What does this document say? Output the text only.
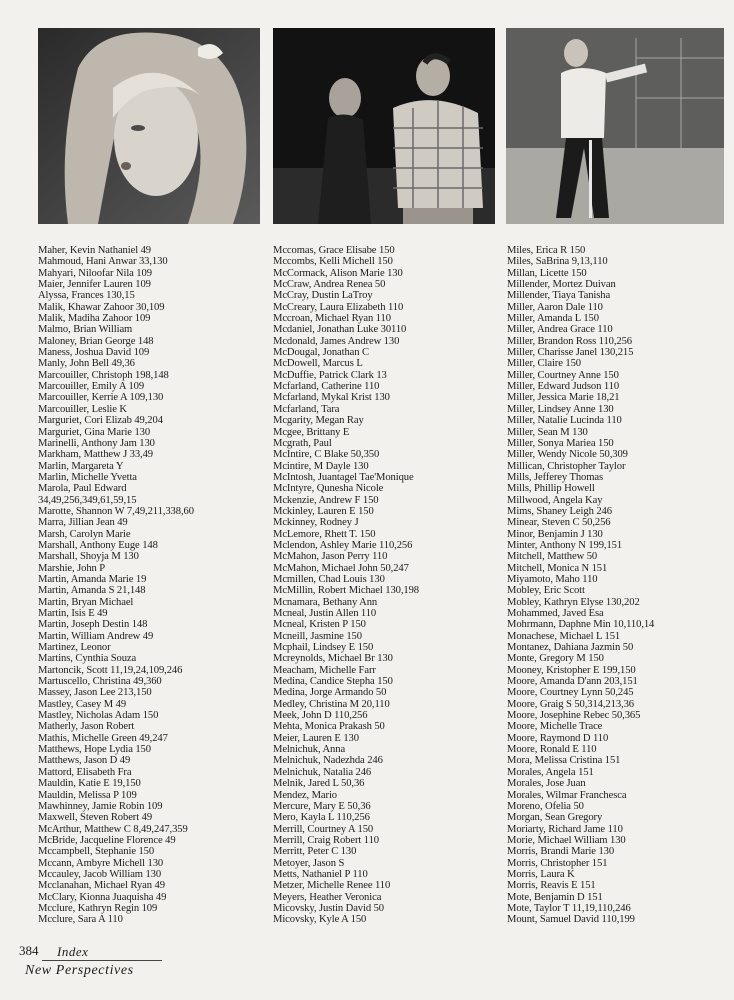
Maher, Kevin Nathaniel 49
Mahmoud, Hani Anwar 33,130
Mahyari, Niloofar Nila 109
Maier, Jennifer Lauren 109
Alyssa, Frances 130,15
Malik, Khawar Zahoor 30,109
Malik, Madiha Zahoor 109
Malmo, Brian William
Maloney, Brian George 148
Maness, Joshua David 109
Manly, John Bell 49,36
Marcouiller, Christoph 198,148
Marcouiller, Emily A 109
Marcouiller, Kerrie A 109,130
Marcouiller, Leslie K
Marguriet, Cori Elizab 49,204
Marguriet, Gina Marie 130
Marinelli, Anthony Jam 130
Markham, Matthew J 33,49
Marlin, Margareta Y
Marlin, Michelle Yvetta
Marola, Paul Edward
34,49,256,349,61,59,15
Marotte, Shannon W 7,49,211,338,60
Marra, Jillian Jean 49
Marsh, Carolyn Marie
Marshall, Anthony Euge 148
Marshall, Shoyja M 130
Marshie, John P
Martin, Amanda Marie 19
Martin, Amanda S 21,148
Martin, Bryan Michael
Martin, Isis E 49
Martin, Joseph Destin 148
Martin, William Andrew 49
Martinez, Leonor
Martins, Cynthia Souza
Martoncik, Scott 11,19,24,109,246
Martuscello, Christina 49,360
Massey, Jason Lee 213,150
Mastley, Casey M 49
Mastley, Nicholas Adam 150
Matherly, Jason Robert
Mathis, Michelle Green 49,247
Matthews, Hope Lydia 150
Matthews, Jason D 49
Mattord, Elisabeth Fra
Mauldin, Katie E 19,150
Mauldin, Melissa P 109
Mawhinney, Jamie Robin 109
Maxwell, Steven Robert 49
McArthur, Matthew C 8,49,247,359
McBride, Jacqueline Florence 49
Mccampbell, Stephanie 150
Mccann, Ambyre Michell 130
Mccauley, Jacob William 130
Mcclanahan, Michael Ryan 49
McClary, Kionna Juaquisha 49
Mcclure, Kathryn Regin 109
Mcclure, Sara A 110
Mccomas, Grace Elisabe 150
Mccombs, Kelli Michell 150
McCormack, Alison Marie 130
McCraw, Andrea Renea 50
McCray, Dustin LaTroy
McCreary, Laura Elizabeth 110
Mccroan, Michael Ryan 110
Mcdaniel, Jonathan Luke 30110
Mcdonald, James Andrew 130
McDougal, Jonathan C
McDowell, Marcus L
McDuffie, Patrick Clark 13
Mcfarland, Catherine 110
Mcfarland, Mykal Krist 130
Mcfarland, Tara
Mcgarity, Megan Ray
Mcgee, Brittany E
Mcgrath, Paul
McIntire, C Blake 50,350
Mcintire, M Dayle 130
McIntosh, Juantagel Tae'Monique
McIntyre, Qunesha Nicole
Mckenzie, Andrew F 150
Mckinley, Lauren E 150
Mckinney, Rodney J
McLemore, Rhett T. 150
Mclendon, Ashley Marie 110,256
McMahon, Jason Perry 110
McMahon, Michael John 50,247
Mcmillen, Chad Louis 130
McMillin, Robert Michael 130,198
Mcnamara, Bethany Ann
Mcneal, Justin Allen 110
Mcneal, Kristen P 150
Mcneill, Jasmine 150
Mcphail, Lindsey E 150
Mcreynolds, Michael Br 130
Meacham, Michelle Farr
Medina, Candice Stepha 150
Medina, Jorge Armando 50
Medley, Christina M 20,110
Meek, John D 110,256
Mehta, Monica Prakash 50
Meier, Lauren E 130
Melnichuk, Anna
Melnichuk, Nadezhda 246
Melnichuk, Natalia 246
Melnik, Jared L 50,36
Mendez, Mario
Mercure, Mary E 50,36
Mero, Kayla L 110,256
Merrill, Courtney A 150
Merrill, Craig Robert 110
Merritt, Peter C 130
Metoyer, Jason S
Metts, Nathaniel P 110
Metzer, Michelle Renee 110
Meyers, Heather Veronica
Micovsky, Justin David 50
Micovsky, Kyle A 150
Miles, Erica R 150
Miles, SaBrina 9,13,110
Millan, Licette 150
Millender, Mortez Duivan
Millender, Tiaya Tanisha
Miller, Aaron Dale 110
Miller, Amanda L 150
Miller, Andrea Grace 110
Miller, Brandon Ross 110,256
Miller, Charisse Janel 130,215
Miller, Claire 150
Miller, Courtney Anne 150
Miller, Edward Judson 110
Miller, Jessica Marie 18,21
Miller, Lindsey Anne 130
Miller, Natalie Lucinda 110
Miller, Sean M 130
Miller, Sonya Mariea 150
Miller, Wendy Nicole 50,309
Millican, Christopher Taylor
Mills, Jefferey Thomas
Mills, Phillip Howell
Millwood, Angela Kay
Mims, Shaney Leigh 246
Minear, Steven C 50,256
Minor, Benjamin J 130
Minter, Anthony N 199,151
Mitchell, Matthew 50
Mitchell, Monica N 151
Miyamoto, Maho 110
Mobley, Eric Scott
Mobley, Kathryn Elyse 130,202
Mohammed, Javed Esa
Mohrmann, Daphne Min 10,110,14
Monachese, Michael L 151
Montanez, Dahiana Jazmin 50
Monte, Gregory M 150
Mooney, Kristopher E 199,150
Moore, Amanda D'ann 203,151
Moore, Courtney Lynn 50,245
Moore, Graig S 50,314,213,36
Moore, Josephine Rebec 50,365
Moore, Michelle Trace
Moore, Raymond D 110
Moore, Ronald E 110
Mora, Melissa Cristina 151
Morales, Angela 151
Morales, Jose Juan
Morales, Wilmar Franchesca
Moreno, Ofelia 50
Morgan, Sean Gregory
Moriarty, Richard Jame 110
Morie, Michael William 130
Morris, Brandi Marie 130
Morris, Christopher 151
Morris, Laura K
Morris, Reavis E 151
Mote, Benjamin D 151
Mote, Taylor T 11,19,110,246
Mount, Samuel David 110,199
384 Index
New Perspectives
